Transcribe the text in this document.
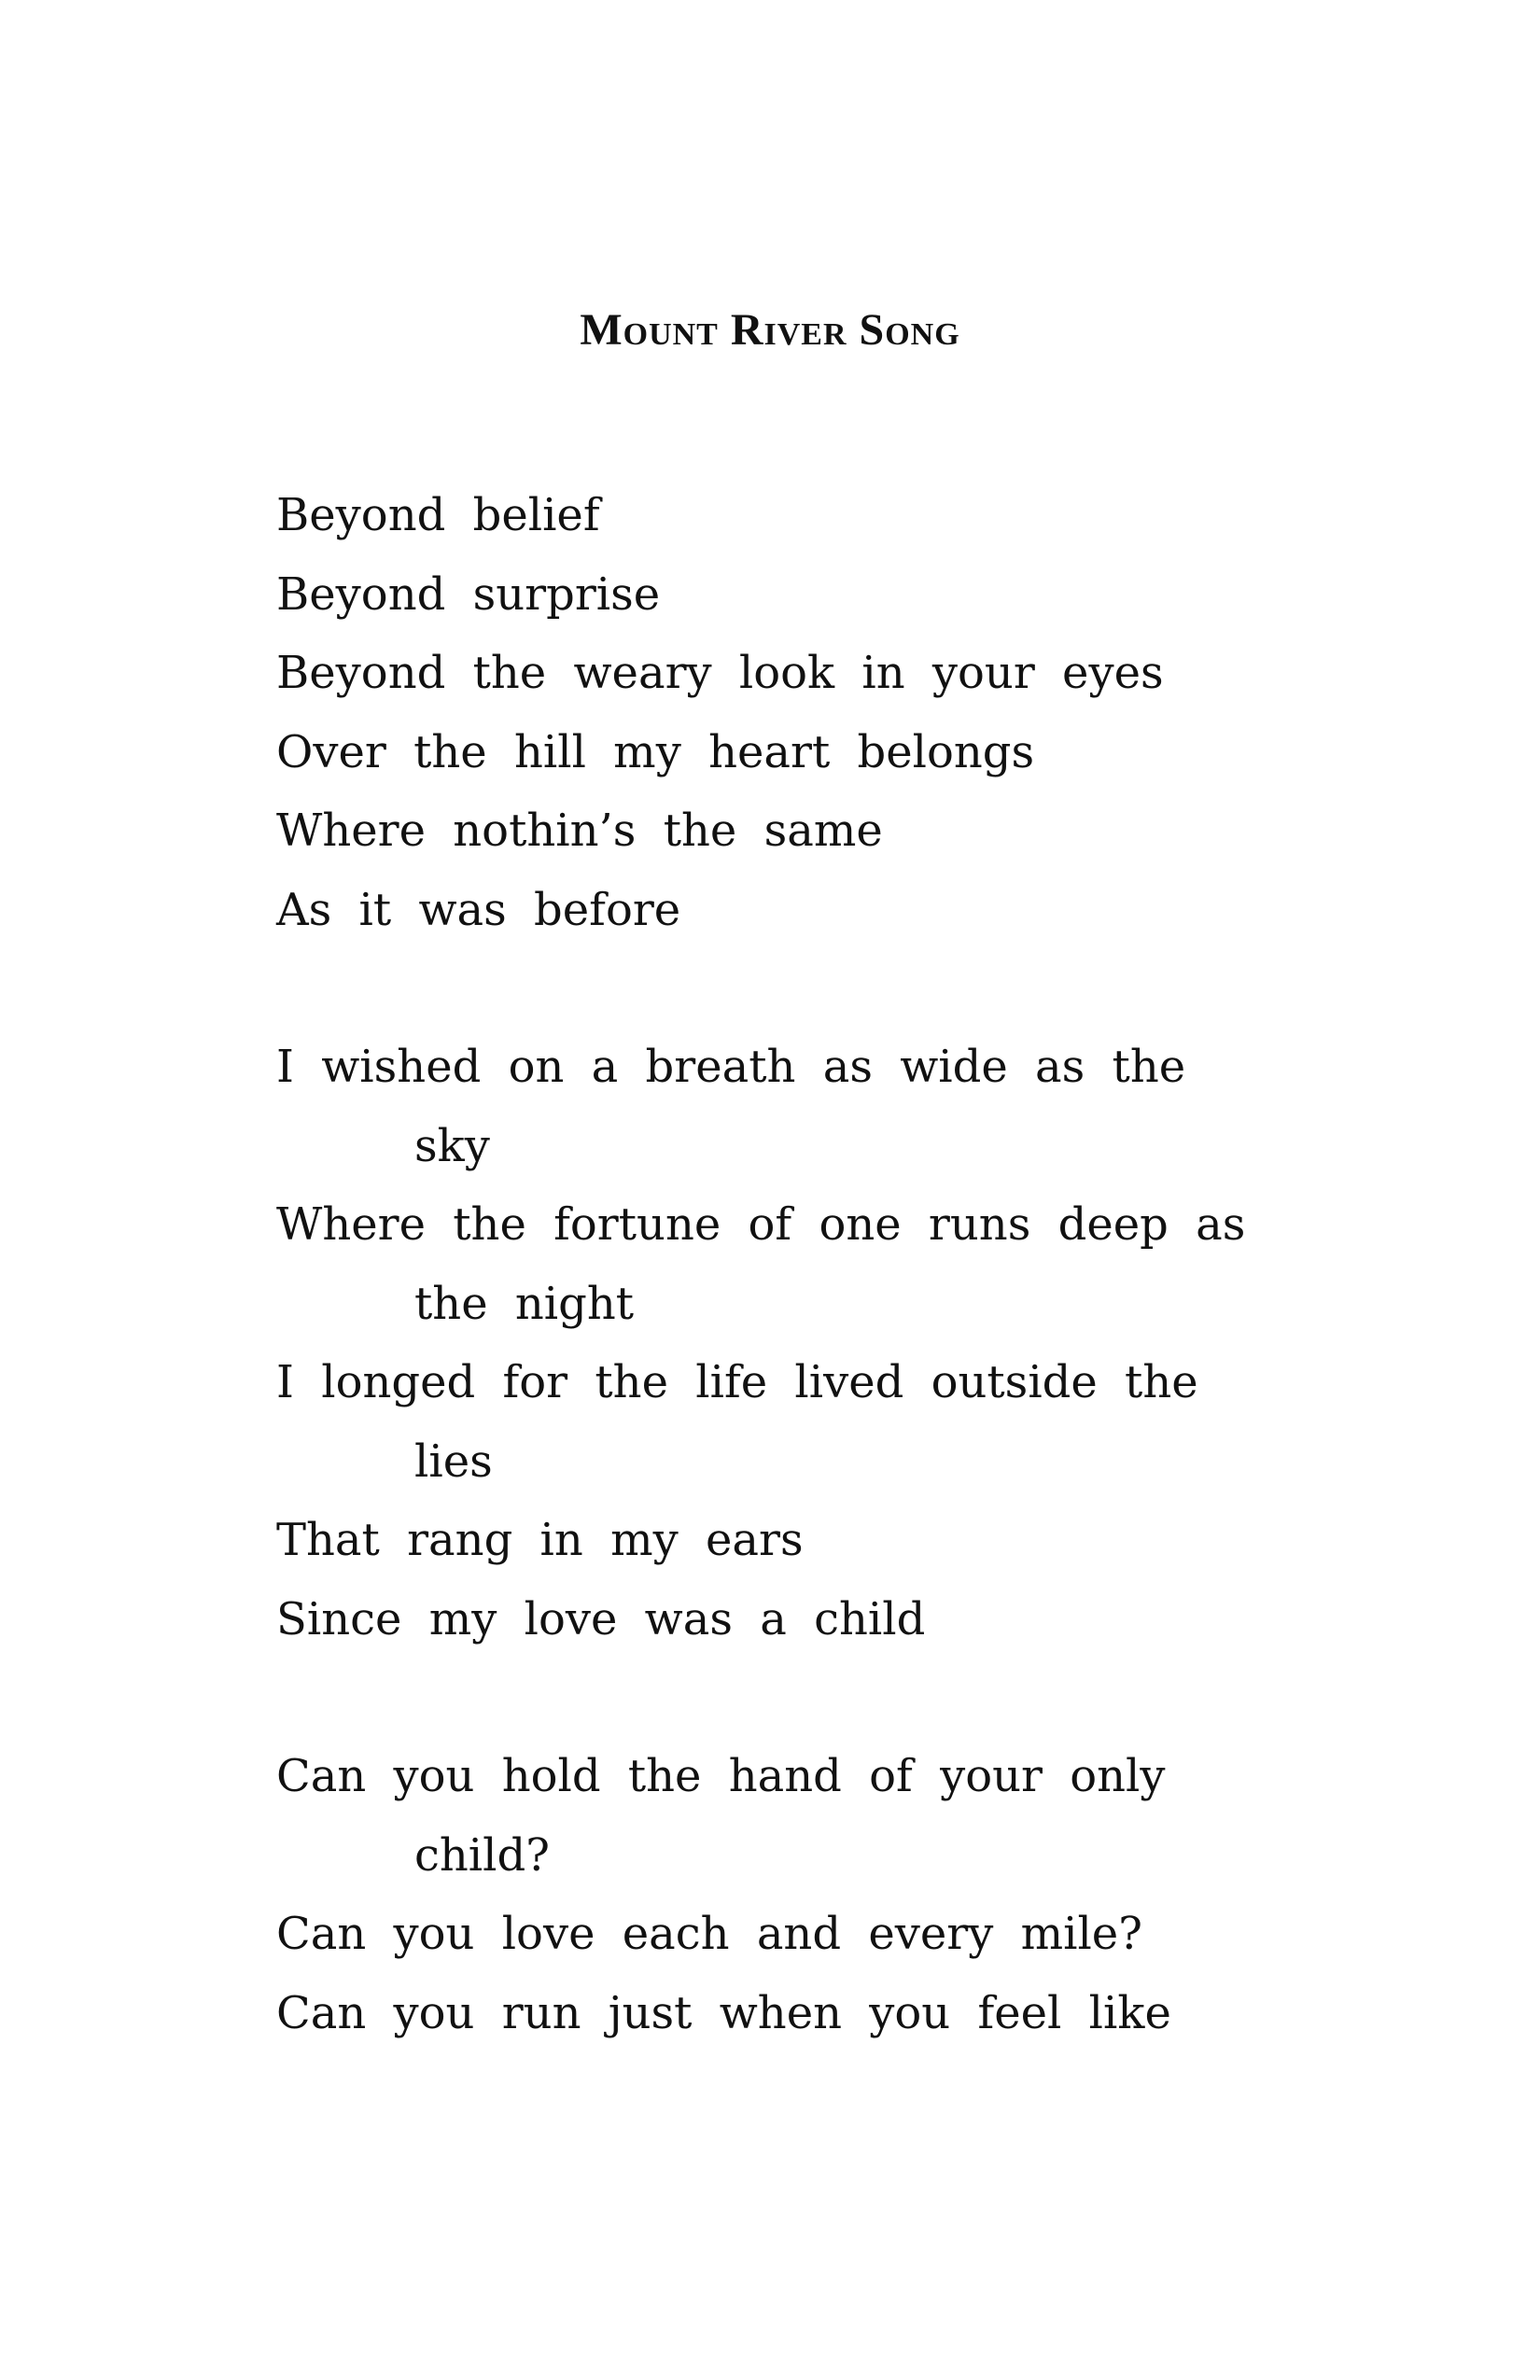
Mount River Song
Beyond belief
Beyond surprise
Beyond the weary look in your eyes
Over the hill my heart belongs
Where nothin’s the same
As it was before
I wished on a breath as wide as the
sky
Where the fortune of one runs deep as
the night
I longed for the life lived outside the
lies
That rang in my ears
Since my love was a child
Can you hold the hand of your only
child?
Can you love each and every mile?
Can you run just when you feel like
